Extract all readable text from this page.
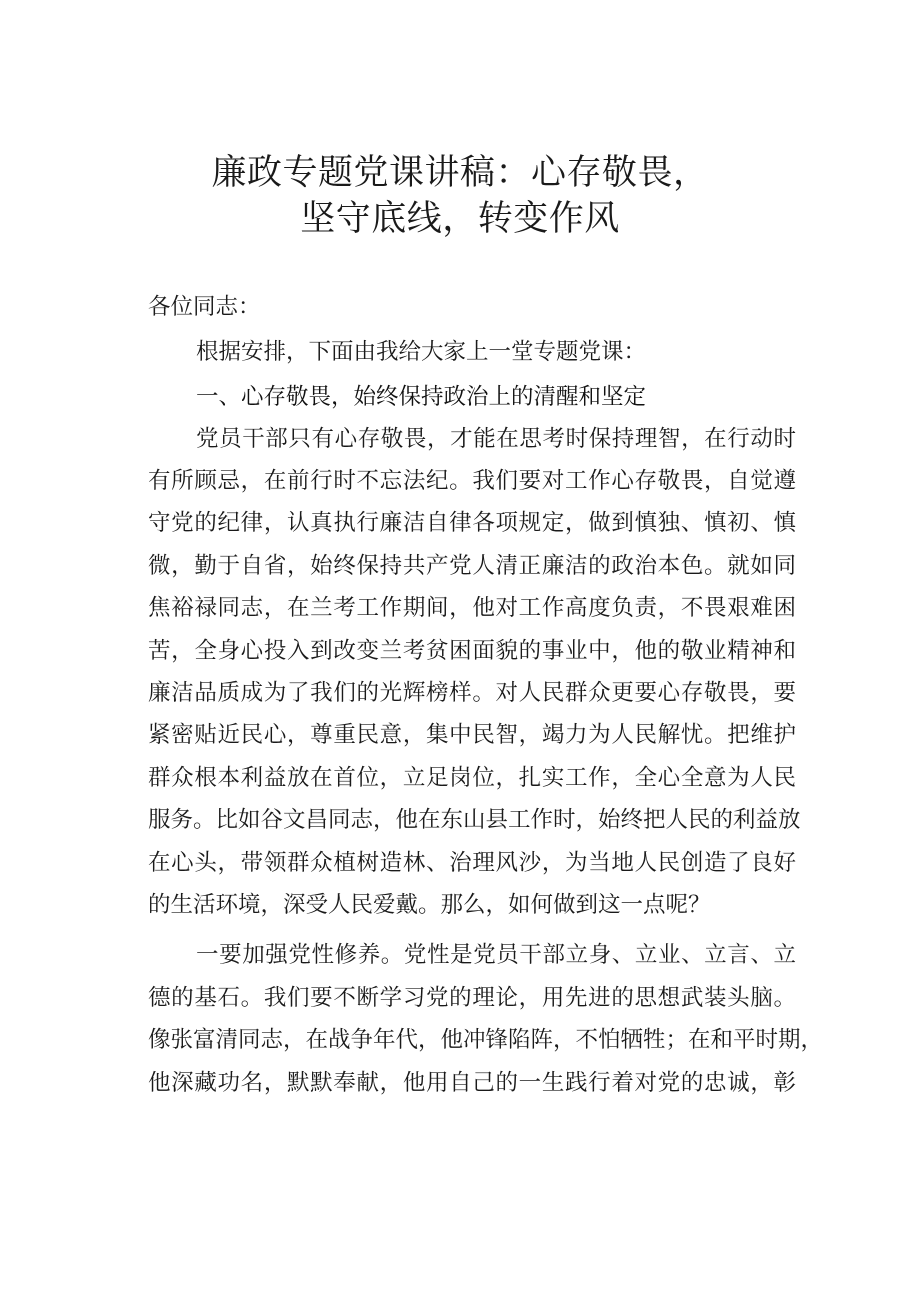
廉政专题党课讲稿：心存敬畏，
坚守底线，转变作风
各位同志：
根据安排，下面由我给大家上一堂专题党课：
一、心存敬畏，始终保持政治上的清醒和坚定
党员干部只有心存敬畏，才能在思考时保持理智，在行动时
有所顾忌，在前行时不忘法纪。我们要对工作心存敬畏，自觉遵
守党的纪律，认真执行廉洁自律各项规定，做到慎独、慎初、慎
微，勤于自省，始终保持共产党人清正廉洁的政治本色。就如同
焦裕禄同志，在兰考工作期间，他对工作高度负责，不畏艰难困
苦，全身心投入到改变兰考贫困面貌的事业中，他的敬业精神和
廉洁品质成为了我们的光辉榜样。对人民群众更要心存敬畏，要
紧密贴近民心，尊重民意，集中民智，竭力为人民解忧。把维护
群众根本利益放在首位，立足岗位，扎实工作，全心全意为人民
服务。比如谷文昌同志，他在东山县工作时，始终把人民的利益放
在心头，带领群众植树造林、治理风沙，为当地人民创造了良好
的生活环境，深受人民爱戴。那么，如何做到这一点呢？
一要加强党性修养。党性是党员干部立身、立业、立言、立
德的基石。我们要不断学习党的理论，用先进的思想武装头脑。
像张富清同志，在战争年代，他冲锋陷阵，不怕牺牲；在和平时期，
他深藏功名，默默奉献，他用自己的一生践行着对党的忠诚，彰
